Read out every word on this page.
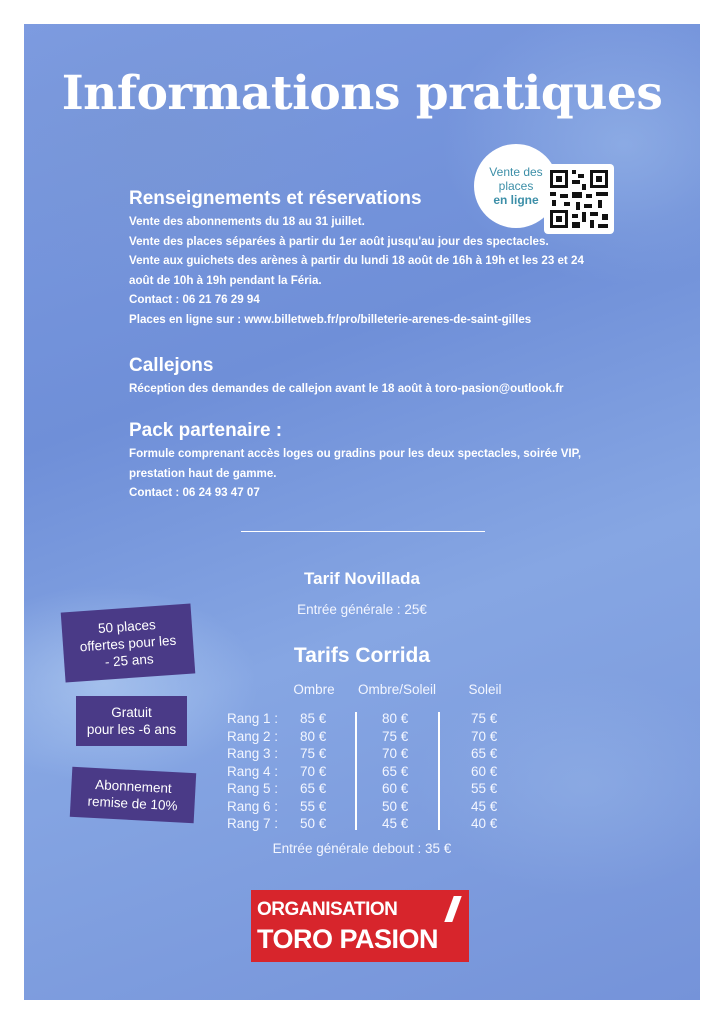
Informations pratiques
Vente des
places
en ligne
Renseignements et réservations

Vente des abonnements du 18 au 31 juillet.

Vente des places séparées à partir du 1er août jusqu'au jour des spectacles.

Vente aux guichets des arènes à partir du lundi 18 août de 16h à 19h et les 23 et 24

août de 10h à 19h pendant la Féria.

Contact : 06 21 76 29 94

Places en ligne sur : www.billetweb.fr/pro/billeterie-arenes-de-saint-gilles

Callejons

Réception des demandes de callejon avant le 18 août à toro-pasion@outlook.fr

Pack partenaire :

Formule comprenant accès loges ou gradins pour les deux spectacles, soirée VIP,

prestation haut de gamme.

Contact : 06 24 93 47 07

Tarif Novillada

Entrée générale : 25€

Tarifs Corrida
Ombre	Ombre/Soleil	Soleil
Rang 1 :
Rang 2 :
Rang 3 :
Rang 4 :
Rang 5 :
Rang 6 :
Rang 7 :
85 €
80 €
75 €
70 €
65 €
55 €
50 €
80 €
75 €
70 €
65 €
60 €
50 €
45 €
75 €
70 €
65 €
60 €
55 €
45 €
40 €

Entrée générale debout : 35 €

50 places
offertes pour les
- 25 ans
Gratuit
pour les -6 ans
Abonnement
remise de 10%
ORGANISATION
TORO PASION
